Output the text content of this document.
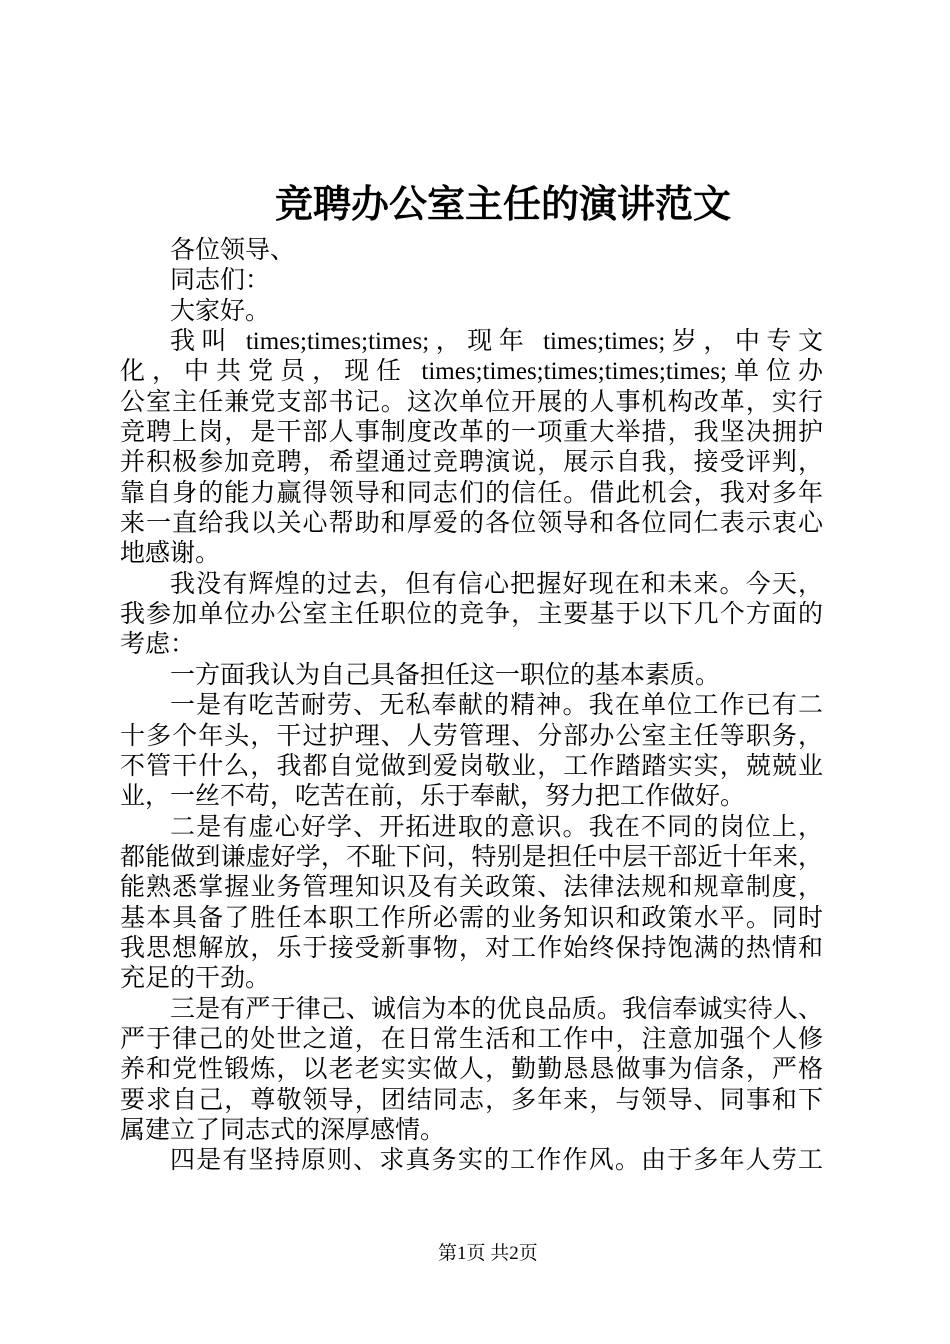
竞聘办公室主任的演讲范文
各位领导、
同志们：
大家好。
我叫 times;times;times;，现年 times;times;岁，中专文
化，中共党员，现任 times;times;times;times;times;单位办
公室主任兼党支部书记。这次单位开展的人事机构改革，实行
竞聘上岗，是干部人事制度改革的一项重大举措，我坚决拥护
并积极参加竞聘，希望通过竞聘演说，展示自我，接受评判，
靠自身的能力赢得领导和同志们的信任。借此机会，我对多年
来一直给我以关心帮助和厚爱的各位领导和各位同仁表示衷心
地感谢。
我没有辉煌的过去，但有信心把握好现在和未来。今天，
我参加单位办公室主任职位的竞争，主要基于以下几个方面的
考虑：
一方面我认为自己具备担任这一职位的基本素质。
一是有吃苦耐劳、无私奉献的精神。我在单位工作已有二
十多个年头，干过护理、人劳管理、分部办公室主任等职务，
不管干什么，我都自觉做到爱岗敬业，工作踏踏实实，兢兢业
业，一丝不苟，吃苦在前，乐于奉献，努力把工作做好。
二是有虚心好学、开拓进取的意识。我在不同的岗位上，
都能做到谦虚好学，不耻下问，特别是担任中层干部近十年来，
能熟悉掌握业务管理知识及有关政策、法律法规和规章制度，
基本具备了胜任本职工作所必需的业务知识和政策水平。同时
我思想解放，乐于接受新事物，对工作始终保持饱满的热情和
充足的干劲。
三是有严于律己、诚信为本的优良品质。我信奉诚实待人、
严于律己的处世之道，在日常生活和工作中，注意加强个人修
养和党性锻炼，以老老实实做人，勤勤恳恳做事为信条，严格
要求自己，尊敬领导，团结同志，多年来，与领导、同事和下
属建立了同志式的深厚感情。
四是有坚持原则、求真务实的工作作风。由于多年人劳工
第1页 共2页
